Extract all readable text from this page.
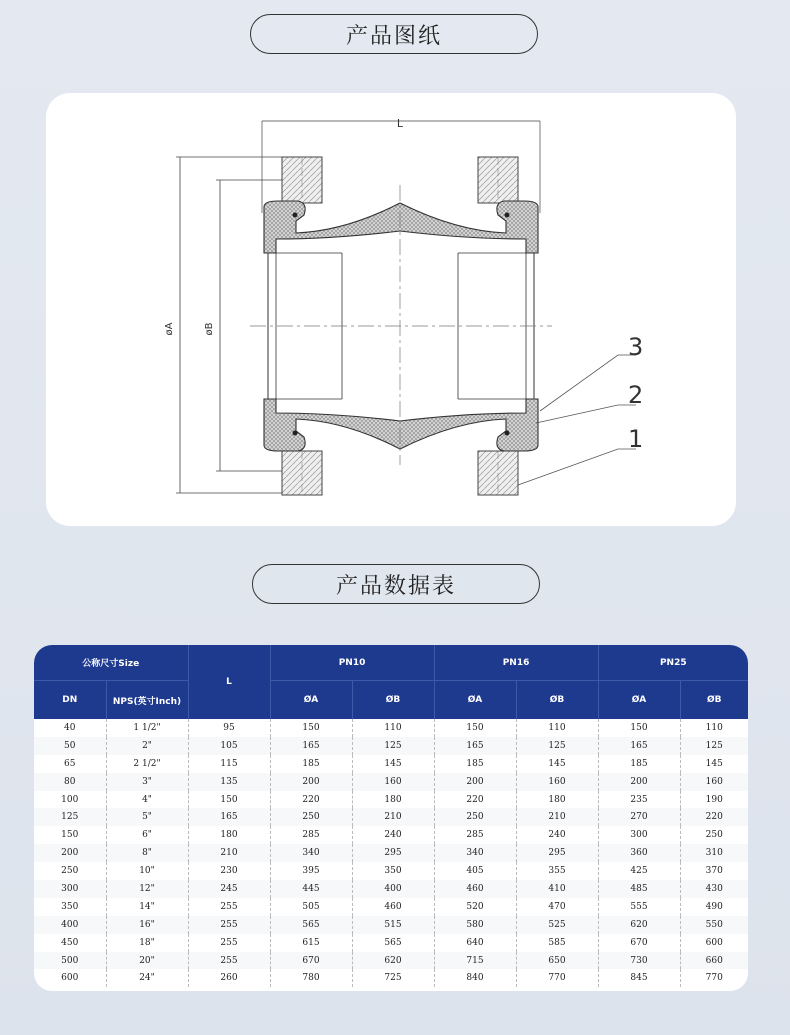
产品图纸
L
øA	øB
3
2
1
产品数据表
公称尺寸Size		L	PN10		PN16		PN25	
DN	NPS(英寸Inch)		ØA	ØB	ØA	ØB	ØA	ØB
40	1 1/2"	95	150	110	150	110	150	110
50	2"	105	165	125	165	125	165	125
65	2 1/2"	115	185	145	185	145	185	145
80	3"	135	200	160	200	160	200	160
100	4"	150	220	180	220	180	235	190
125	5"	165	250	210	250	210	270	220
150	6"	180	285	240	285	240	300	250
200	8"	210	340	295	340	295	360	310
250	10"	230	395	350	405	355	425	370
300	12"	245	445	400	460	410	485	430
350	14"	255	505	460	520	470	555	490
400	16"	255	565	515	580	525	620	550
450	18"	255	615	565	640	585	670	600
500	20"	255	670	620	715	650	730	660
600	24"	260	780	725	840	770	845	770
